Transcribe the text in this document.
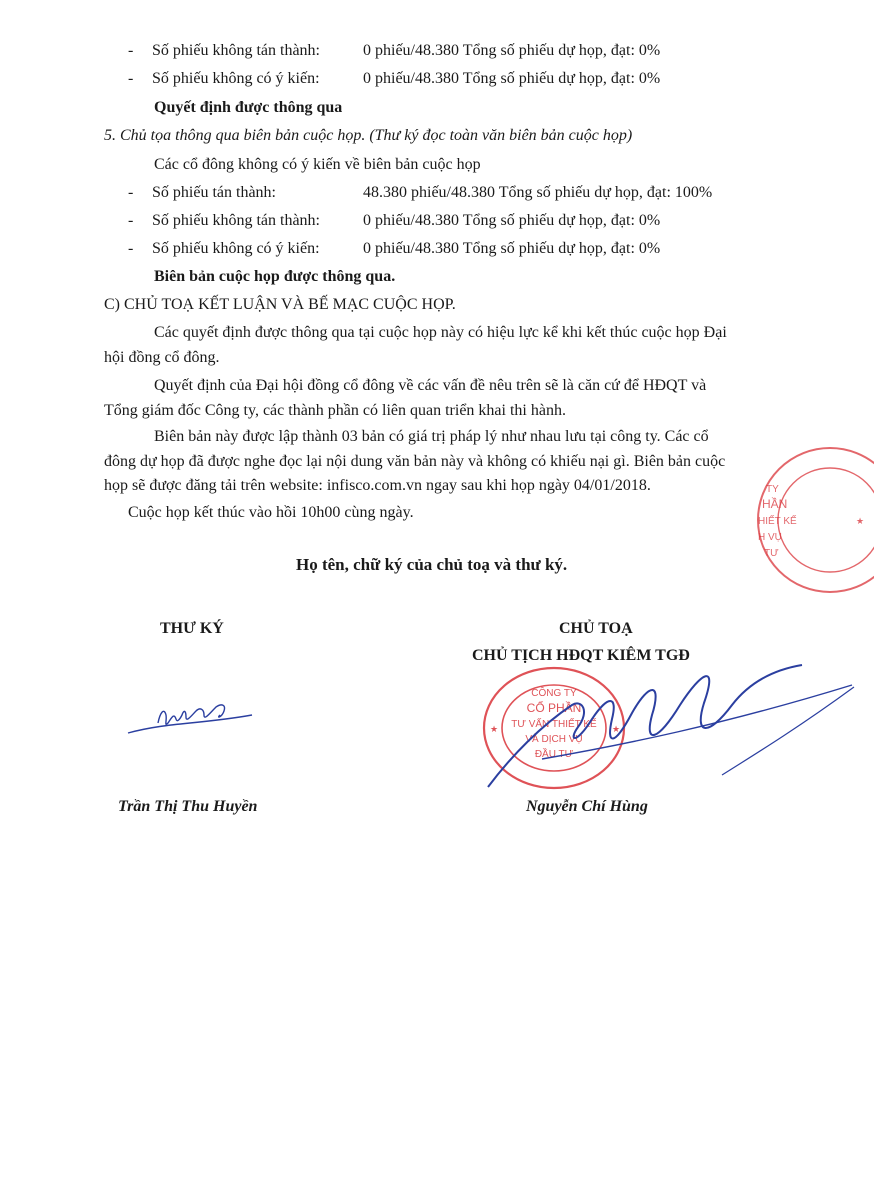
- Số phiếu không tán thành:	0 phiếu/48.380 Tổng số phiếu dự họp, đạt: 0%
- Số phiếu không có ý kiến:	0 phiếu/48.380 Tổng số phiếu dự họp, đạt: 0%
Quyết định được thông qua
5. Chủ tọa thông qua biên bản cuộc họp. (Thư ký đọc toàn văn biên bản cuộc họp)
Các cổ đông không có ý kiến về biên bản cuộc họp
- Số phiếu tán thành:	48.380 phiếu/48.380 Tổng số phiếu dự họp, đạt: 100%
- Số phiếu không tán thành:	0 phiếu/48.380 Tổng số phiếu dự họp, đạt: 0%
- Số phiếu không có ý kiến:	0 phiếu/48.380 Tổng số phiếu dự họp, đạt: 0%
Biên bản cuộc họp được thông qua.
C) CHỦ TOẠ KẾT LUẬN VÀ BẾ MẠC CUỘC HỌP.
Các quyết định được thông qua tại cuộc họp này có hiệu lực kể khi kết thúc cuộc họp Đại
hội đồng cổ đông.
Quyết định của Đại hội đồng cổ đông về các vấn đề nêu trên sẽ là căn cứ để HĐQT và
Tổng giám đốc Công ty, các thành phần có liên quan triển khai thi hành.
Biên bản này được lập thành 03 bản có giá trị pháp lý như nhau lưu tại công ty. Các cổ
đông dự họp đã được nghe đọc lại nội dung văn bản này và không có khiếu nại gì. Biên bản cuộc
họp sẽ được đăng tải trên website: infisco.com.vn ngay sau khi họp ngày 04/01/2018.
Cuộc họp kết thúc vào hồi 10h00 cùng ngày.
Họ tên, chữ ký của chủ toạ và thư ký.
THƯ KÝ
Trần Thị Thu Huyền
CHỦ TOẠ
CHỦ TỊCH HĐQT KIÊM TGĐ
CÔNG TY
CỔ PHẦN
TƯ VẤN THIẾT KẾ
VÀ DỊCH VỤ
ĐẦU TƯ
★	★
Nguyễn Chí Hùng
TY
HẦN
HIẾT KẾ
H VỤ
TƯ
★
